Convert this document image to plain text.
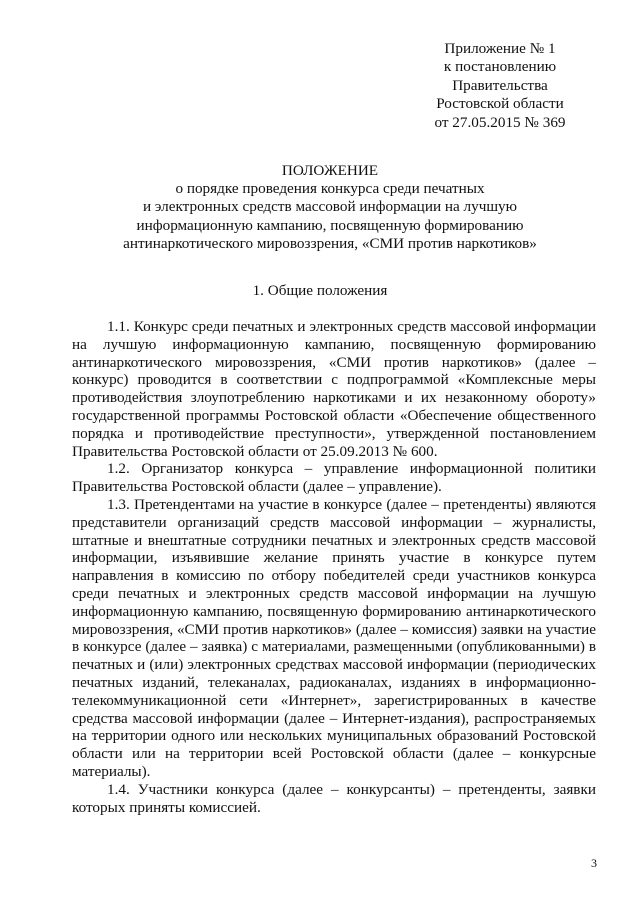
Приложение № 1
к постановлению
Правительства
Ростовской области
от 27.05.2015 № 369
ПОЛОЖЕНИЕ
о порядке проведения конкурса среди печатных
и электронных средств массовой информации на лучшую
информационную кампанию, посвященную формированию
антинаркотического мировоззрения, «СМИ против наркотиков»
1. Общие положения

1.1. Конкурс среди печатных и электронных средств массовой информации на лучшую информационную кампанию, посвященную формированию антинаркотического мировоззрения, «СМИ против наркотиков» (далее – конкурс) проводится в соответствии с подпрограммой «Комплексные меры противодействия злоупотреблению наркотиками и их незаконному обороту» государственной программы Ростовской области «Обеспечение общественного порядка и противодействие преступности», утвержденной постановлением Правительства Ростовской области от 25.09.2013 № 600.

1.2. Организатор конкурса – управление информационной политики Правительства Ростовской области (далее – управление).

1.3. Претендентами на участие в конкурсе (далее – претенденты) являются представители организаций средств массовой информации – журналисты, штатные и внештатные сотрудники печатных и электронных средств массовой информации, изъявившие желание принять участие в конкурсе путем направления в комиссию по отбору победителей среди участников конкурса среди печатных и электронных средств массовой информации на лучшую информационную кампанию, посвященную формированию антинаркотического мировоззрения, «СМИ против наркотиков» (далее – комиссия) заявки на участие в конкурсе (далее – заявка) с материалами, размещенными (опубликованными) в печатных и (или) электронных средствах массовой информации (периодических печатных изданий, телеканалах, радиоканалах, изданиях в информационно-телекоммуникационной сети «Интернет», зарегистрированных в качестве средства массовой информации (далее – Интернет-издания), распространяемых на территории одного или нескольких муниципальных образований Ростовской области или на территории всей Ростовской области (далее – конкурсные материалы).

1.4. Участники конкурса (далее – конкурсанты) – претенденты, заявки которых приняты комиссией.

3
